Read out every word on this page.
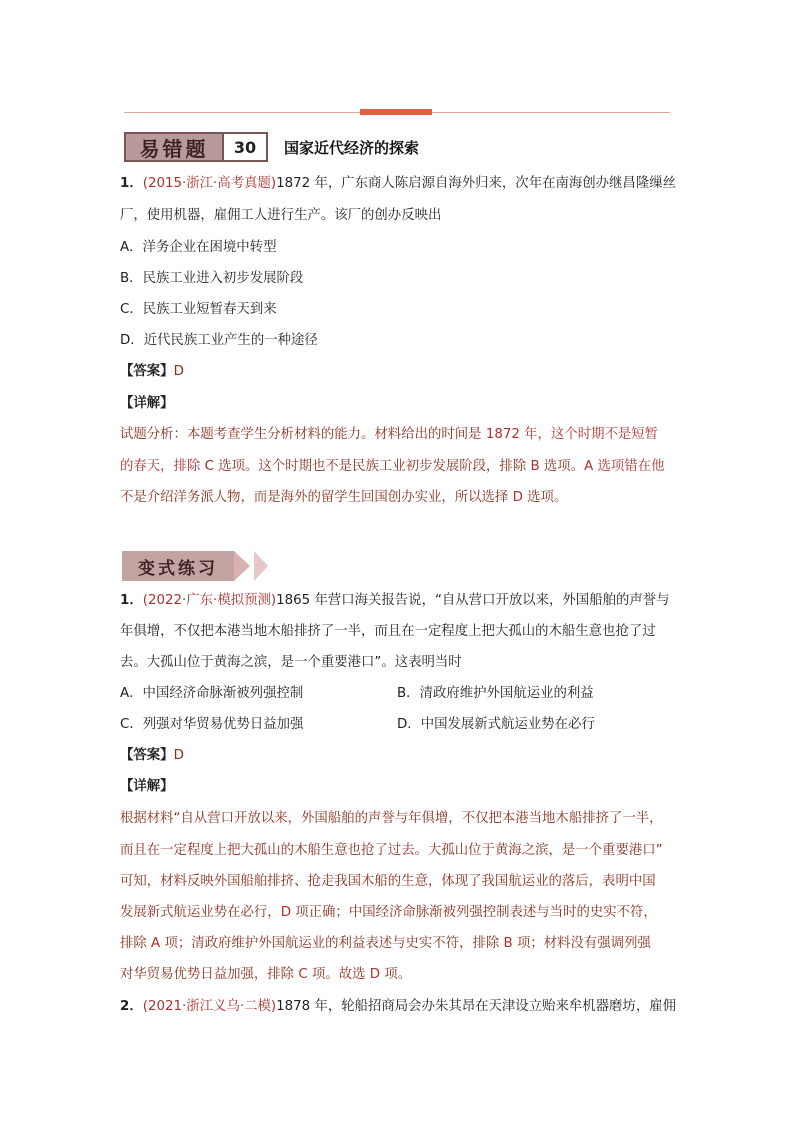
易错题	30	国家近代经济的探索
1．(2015·浙江·高考真题)1872 年，广东商人陈启源自海外归来，次年在南海创办继昌隆缫丝
厂，使用机器，雇佣工人进行生产。该厂的创办反映出
A．洋务企业在困境中转型
B．民族工业进入初步发展阶段
C．民族工业短暂春天到来
D．近代民族工业产生的一种途径
【答案】D
【详解】
试题分析：本题考查学生分析材料的能力。材料给出的时间是 1872 年，这个时期不是短暂
的春天，排除 C 选项。这个时期也不是民族工业初步发展阶段，排除 B 选项。A 选项错在他
不是介绍洋务派人物，而是海外的留学生回国创办实业，所以选择 D 选项。
变式练习
1．(2022·广东·模拟预测)1865 年营口海关报告说，“自从营口开放以来，外国船舶的声誉与
年俱增，不仅把本港当地木船排挤了一半，而且在一定程度上把大孤山的木船生意也抢了过
去。大孤山位于黄海之滨，是一个重要港口”。这表明当时
A．中国经济命脉渐被列强控制	B．清政府维护外国航运业的利益
C．列强对华贸易优势日益加强	D．中国发展新式航运业势在必行
【答案】D
【详解】
根据材料“自从营口开放以来，外国船舶的声誉与年俱增，不仅把本港当地木船排挤了一半，
而且在一定程度上把大孤山的木船生意也抢了过去。大孤山位于黄海之滨，是一个重要港口”
可知，材料反映外国船舶排挤、抢走我国木船的生意，体现了我国航运业的落后，表明中国
发展新式航运业势在必行，D 项正确；中国经济命脉渐被列强控制表述与当时的史实不符，
排除 A 项；清政府维护外国航运业的利益表述与史实不符，排除 B 项；材料没有强调列强
对华贸易优势日益加强，排除 C 项。故选 D 项。
2．(2021·浙江义乌·二模)1878 年，轮船招商局会办朱其昂在天津设立贻来牟机器磨坊，雇佣
